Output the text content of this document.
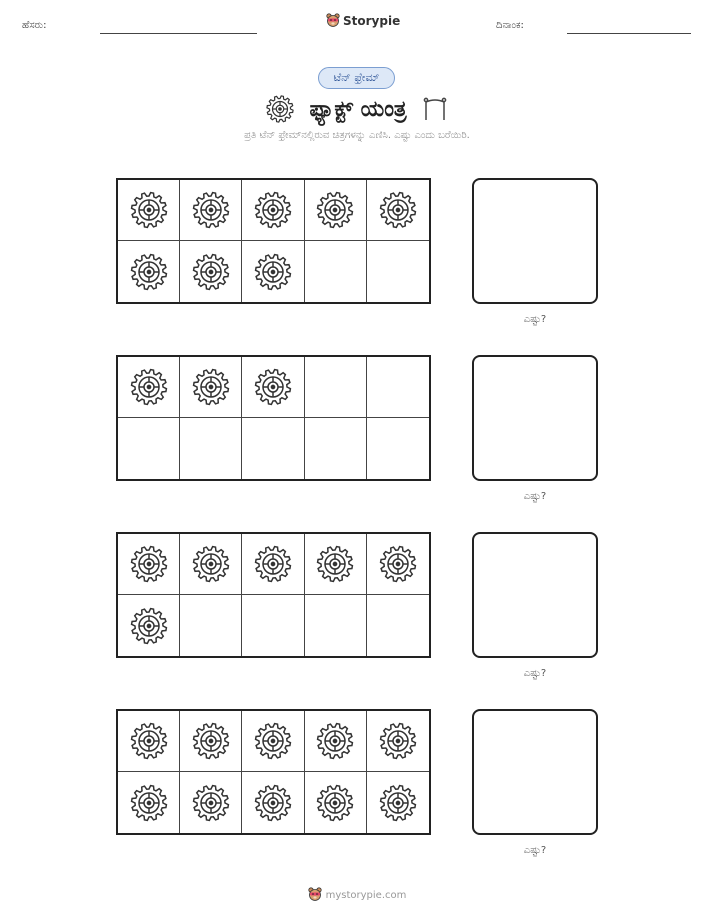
ಹೆಸರು:	Storypie	ದಿನಾಂಕ:
ಟೆನ್ ಫ್ರೇಮ್
ಫ್ಯಾಕ್ಟ್ ಯಂತ್ರ
ಪ್ರತಿ ಟೆನ್ ಫ್ರೇಮ್‌ನಲ್ಲಿರುವ ಚಿತ್ರಗಳನ್ನು ಎಣಿಸಿ. ಎಷ್ಟು ಎಂದು ಬರೆಯಿರಿ.
ಎಷ್ಟು?
ಎಷ್ಟು?
ಎಷ್ಟು?
ಎಷ್ಟು?
mystorypie.com
